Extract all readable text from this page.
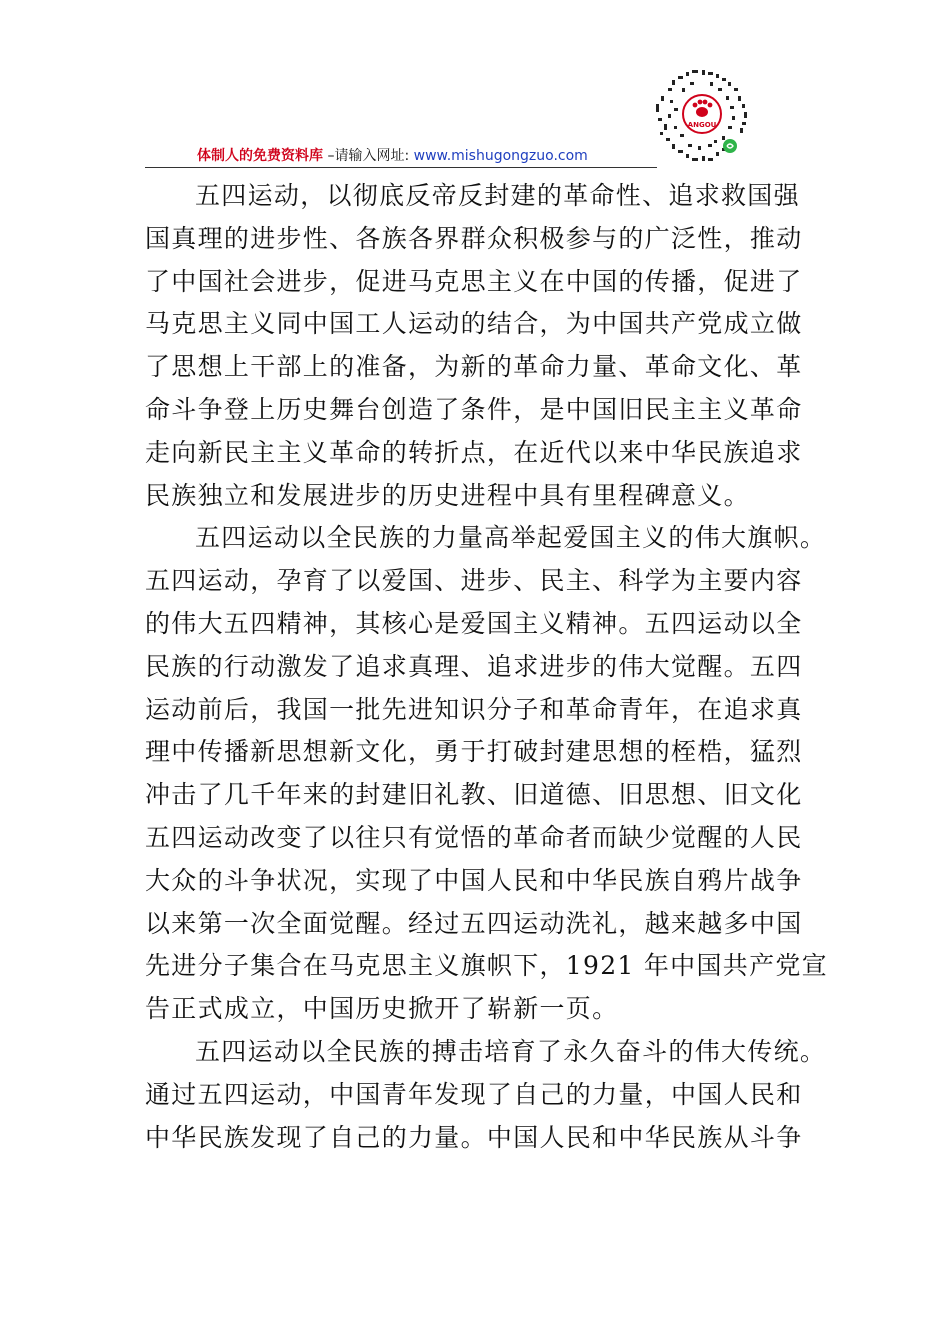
ANGOU
体制人的免费资料库 –请输入网址: www.mishugongzuo.com
五四运动，以彻底反帝反封建的革命性、追求救国强
国真理的进步性、各族各界群众积极参与的广泛性，推动
了中国社会进步，促进马克思主义在中国的传播，促进了
马克思主义同中国工人运动的结合，为中国共产党成立做
了思想上干部上的准备，为新的革命力量、革命文化、革
命斗争登上历史舞台创造了条件，是中国旧民主主义革命
走向新民主主义革命的转折点，在近代以来中华民族追求
民族独立和发展进步的历史进程中具有里程碑意义。
五四运动以全民族的力量高举起爱国主义的伟大旗帜。
五四运动，孕育了以爱国、进步、民主、科学为主要内容
的伟大五四精神，其核心是爱国主义精神。五四运动以全
民族的行动激发了追求真理、追求进步的伟大觉醒。五四
运动前后，我国一批先进知识分子和革命青年，在追求真
理中传播新思想新文化，勇于打破封建思想的桎梏，猛烈
冲击了几千年来的封建旧礼教、旧道德、旧思想、旧文化
五四运动改变了以往只有觉悟的革命者而缺少觉醒的人民
大众的斗争状况，实现了中国人民和中华民族自鸦片战争
以来第一次全面觉醒。经过五四运动洗礼，越来越多中国
先进分子集合在马克思主义旗帜下，1921 年中国共产党宣
告正式成立，中国历史掀开了崭新一页。
五四运动以全民族的搏击培育了永久奋斗的伟大传统。
通过五四运动，中国青年发现了自己的力量，中国人民和
中华民族发现了自己的力量。中国人民和中华民族从斗争
